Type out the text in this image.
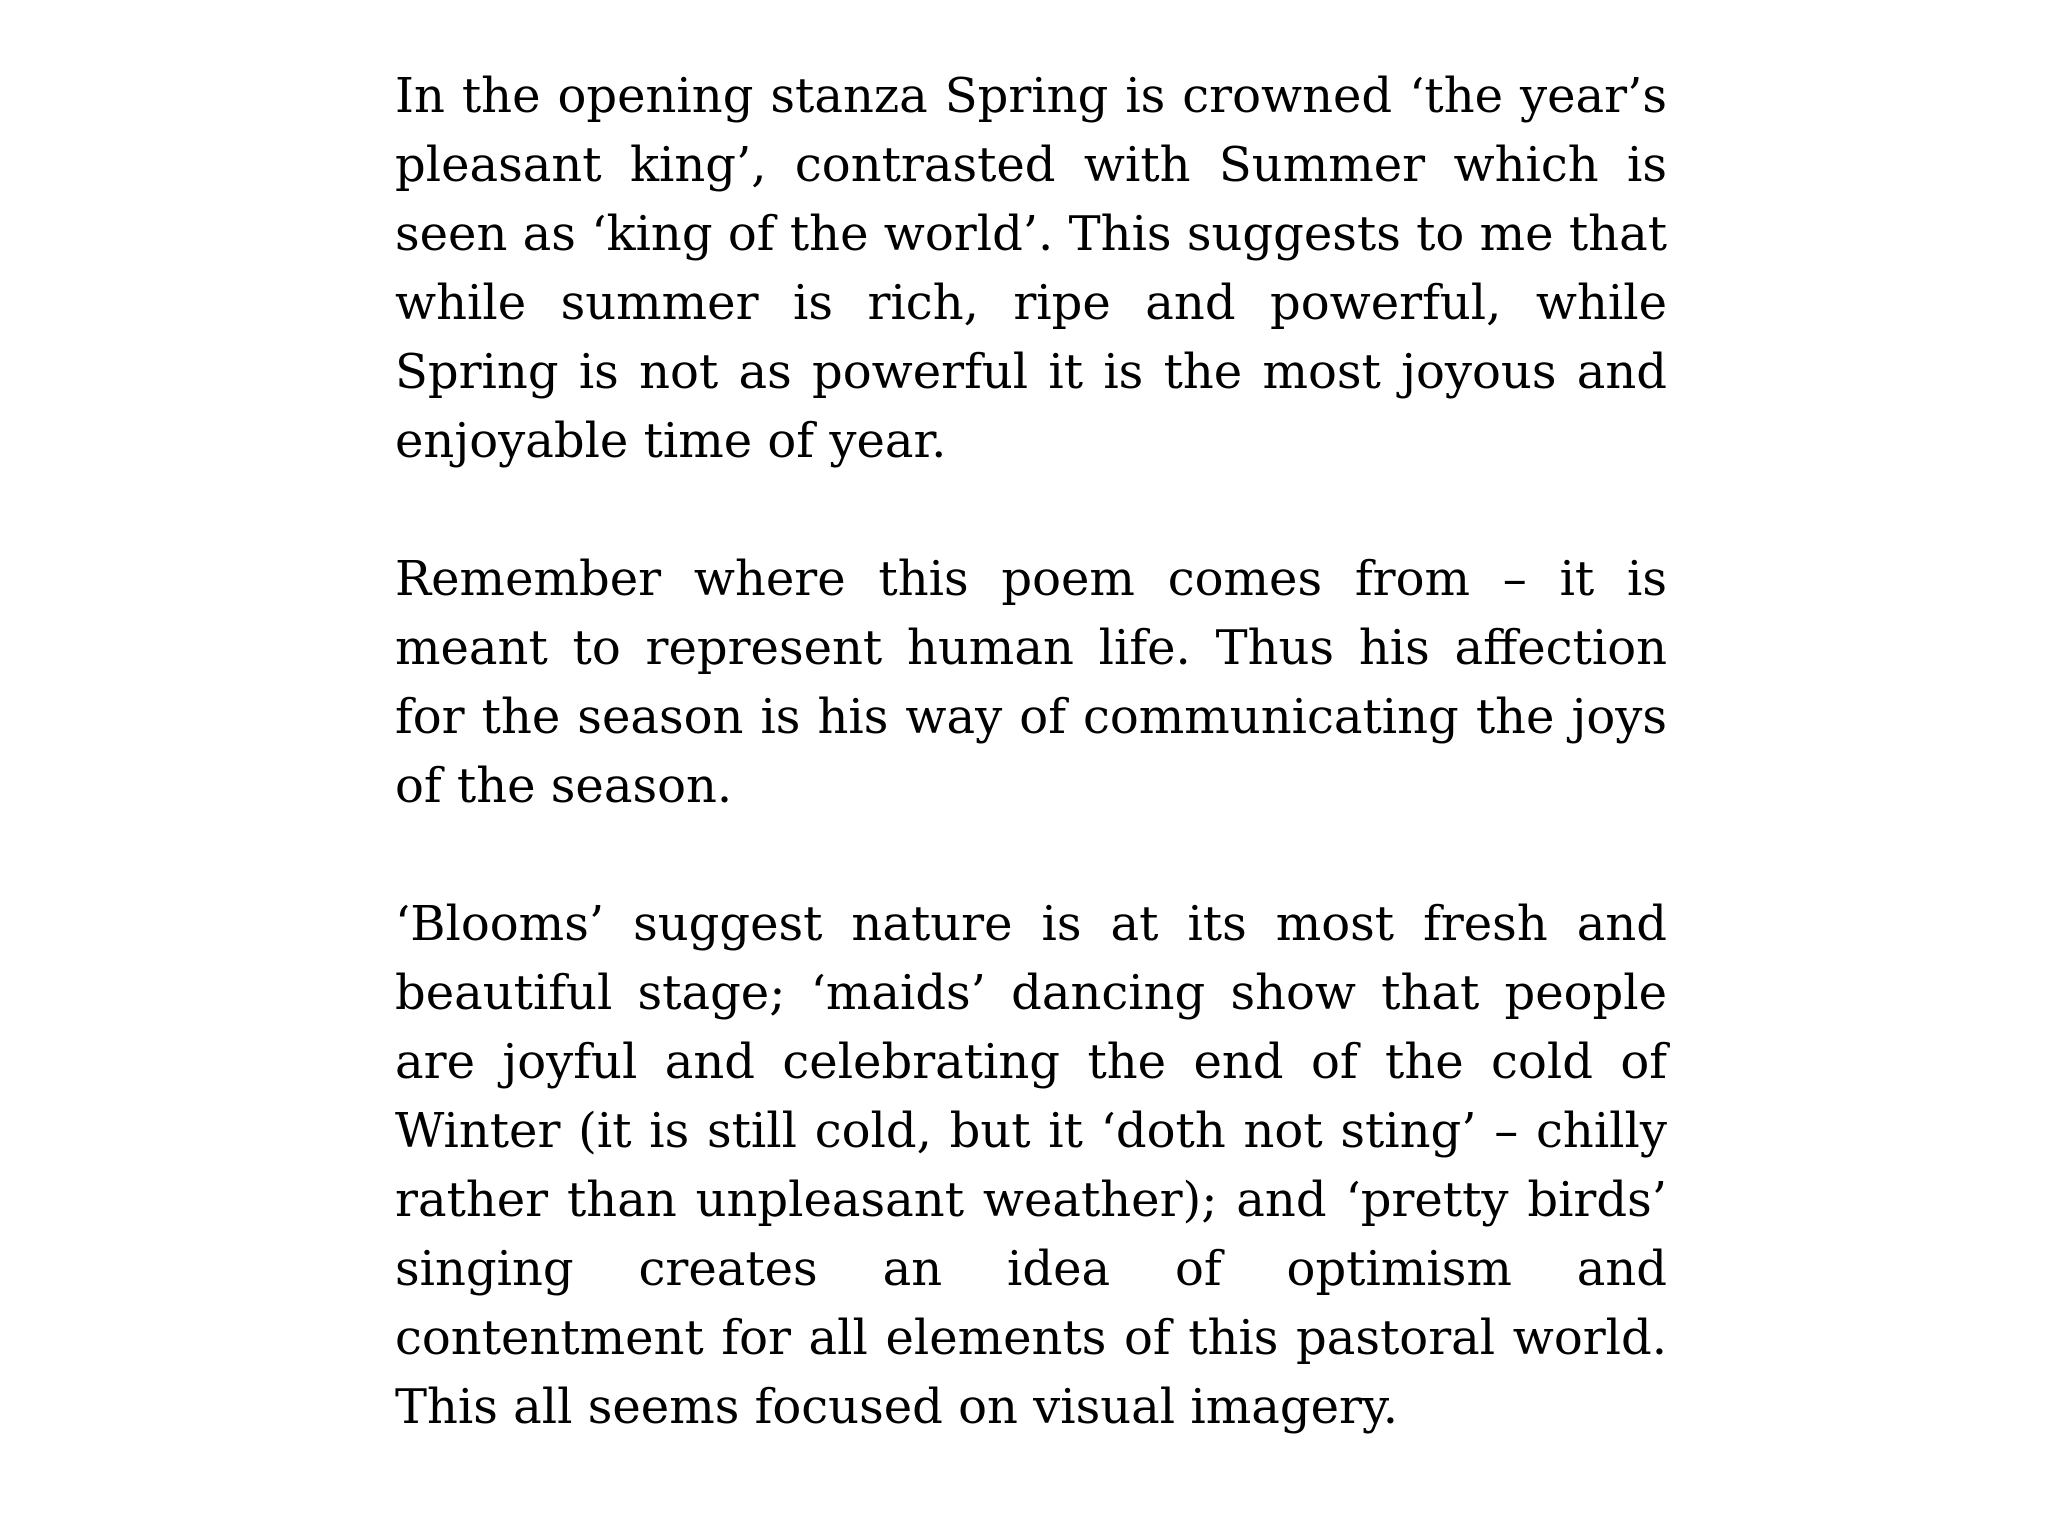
In the opening stanza Spring is crowned ‘the year’s pleasant king’, contrasted with Summer which is seen as ‘king of the world’. This suggests to me that while summer is rich, ripe and powerful, while Spring is not as powerful it is the most joyous and enjoyable time of year.

Remember where this poem comes from – it is meant to represent human life. Thus his affection for the season is his way of communicating the joys of the season.

‘Blooms’ suggest nature is at its most fresh and beautiful stage; ‘maids’ dancing show that people are joyful and celebrating the end of the cold of Winter (it is still cold, but it ‘doth not sting’ – chilly rather than unpleasant weather); and ‘pretty birds’ singing creates an idea of optimism and contentment for all elements of this pastoral world. This all seems focused on visual imagery.
